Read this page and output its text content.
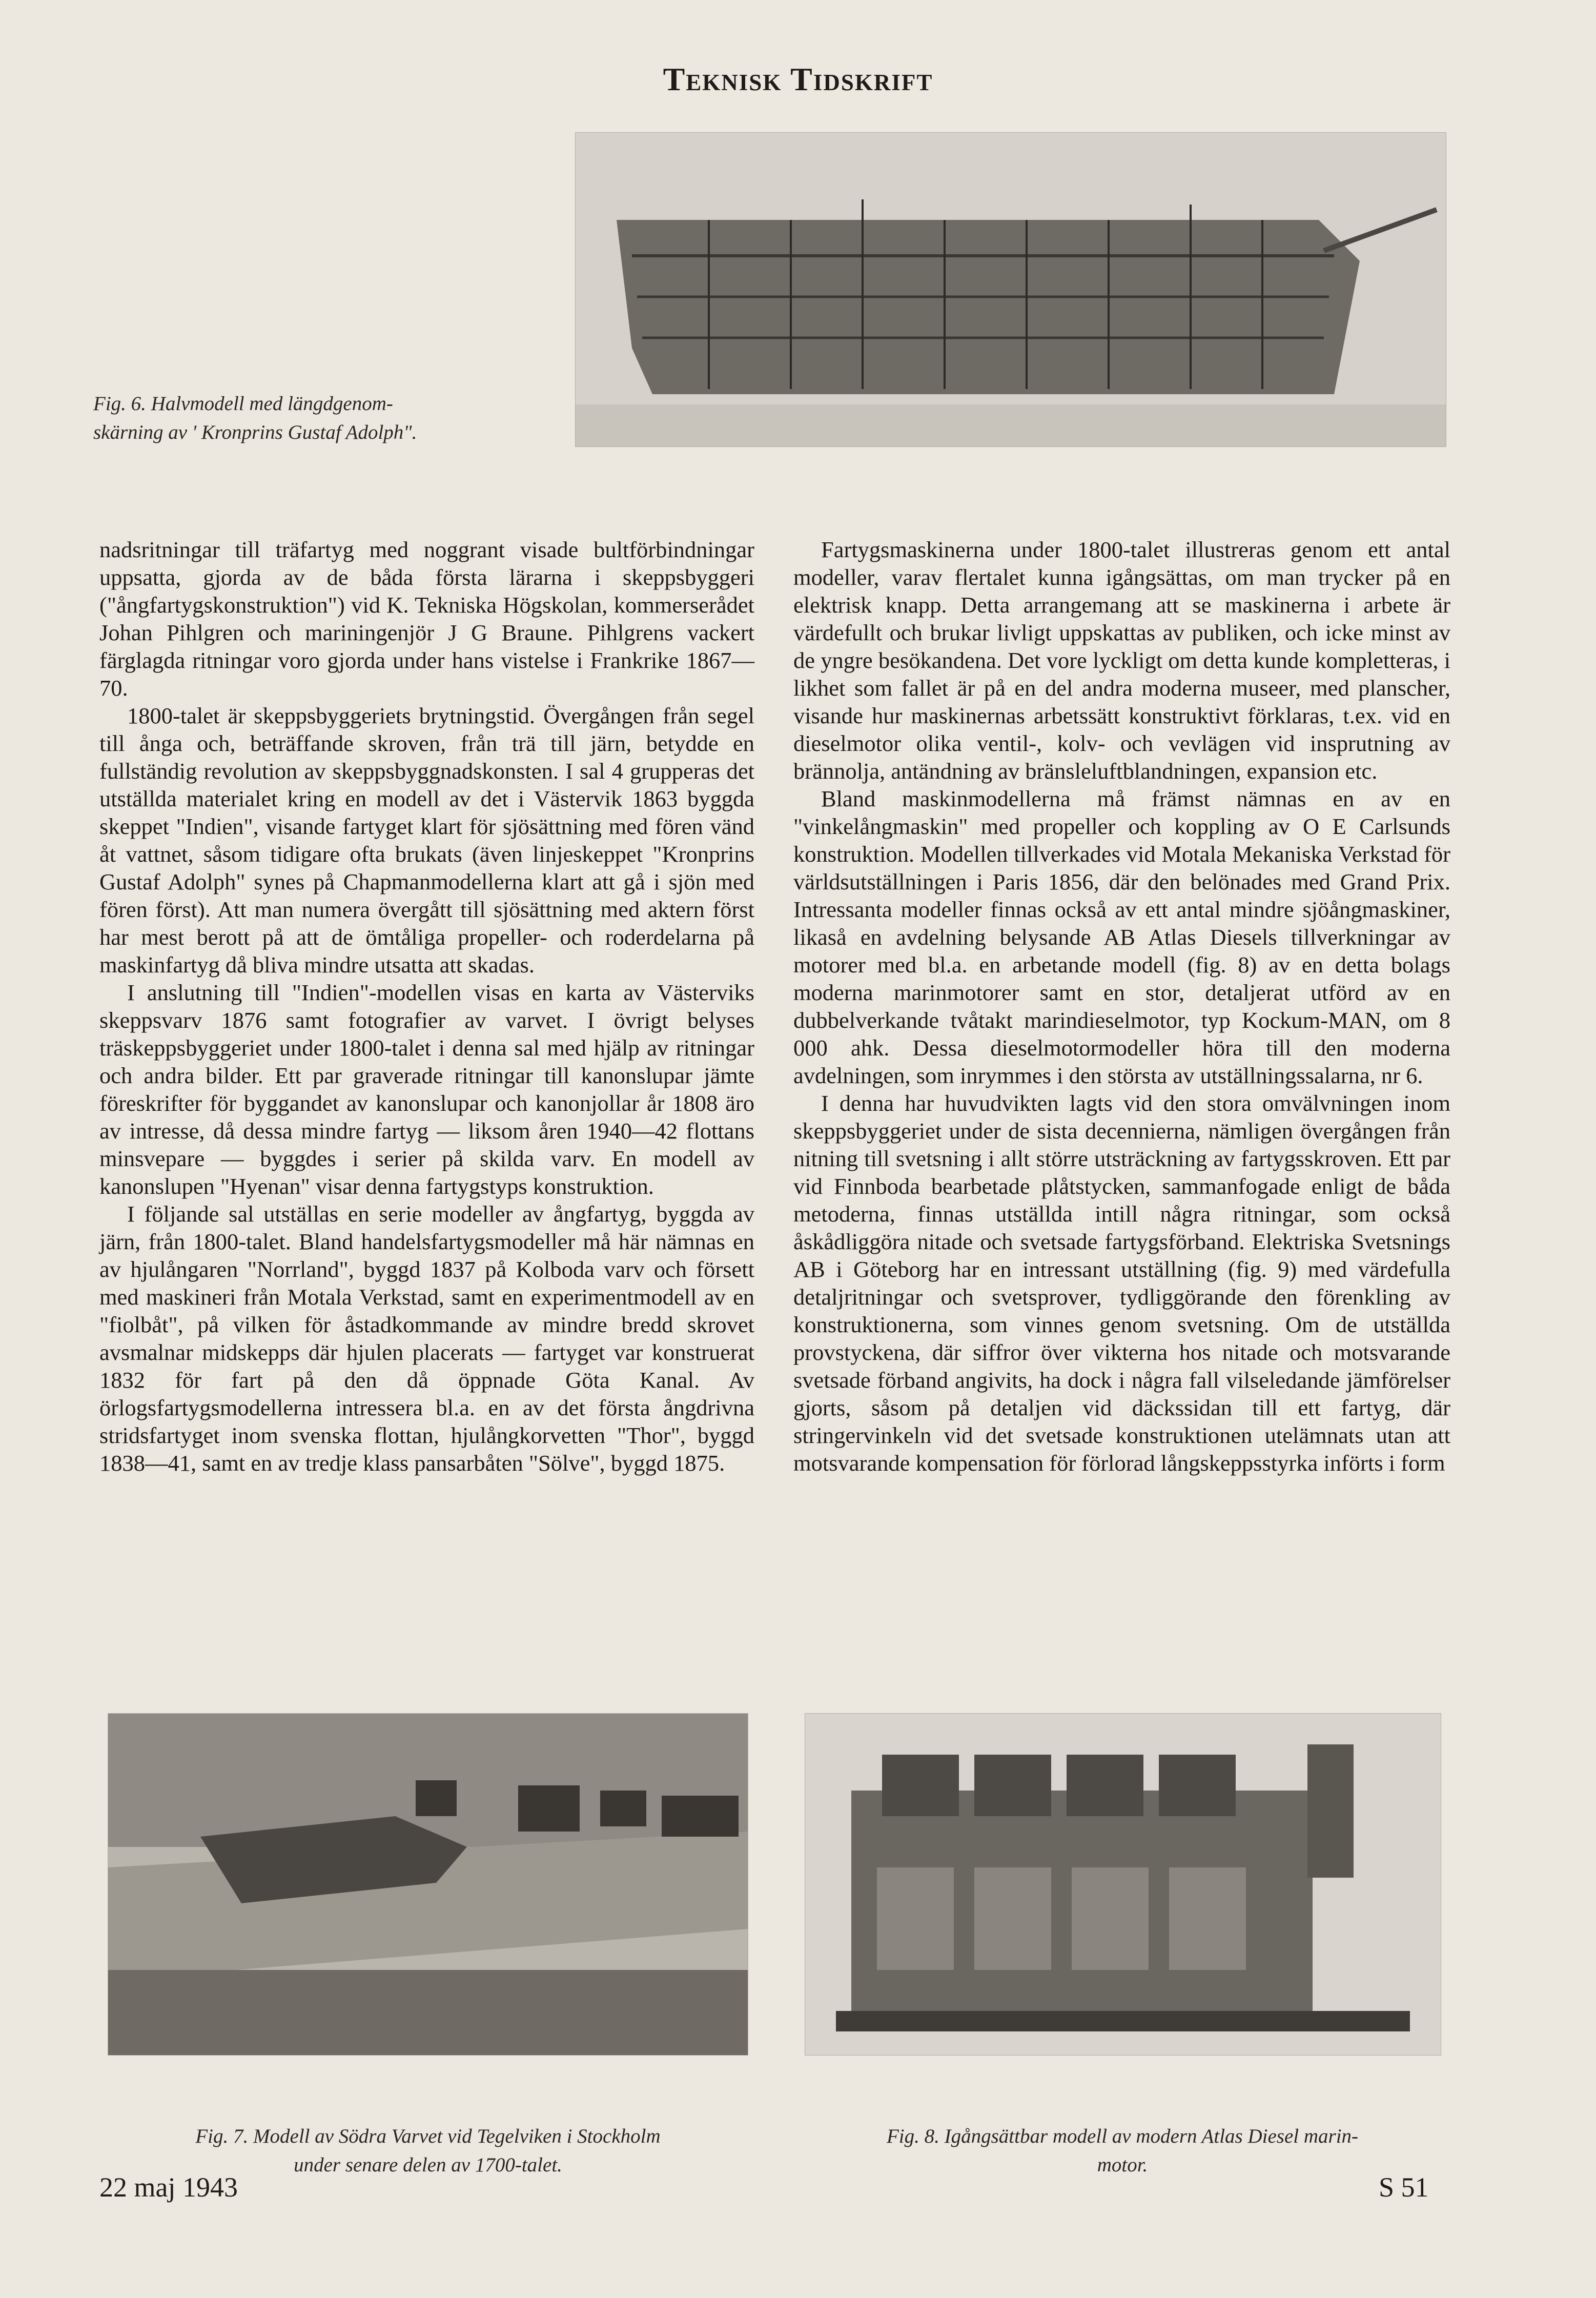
Teknisk Tidskrift
Fig. 6. Halvmodell med längdgenom-
skärning av ' Kronprins Gustaf Adolph".

nadsritningar till träfartyg med noggrant visade bultförbindningar uppsatta, gjorda av de båda första lärarna i skeppsbyggeri ("ångfartygskonstruktion") vid K. Tekniska Högskolan, kommerserådet Johan Pihlgren och mariningenjör J G Braune. Pihlgrens vackert färglagda ritningar voro gjorda under hans vistelse i Frankrike 1867—70.

1800-talet är skeppsbyggeriets brytningstid. Övergången från segel till ånga och, beträffande skroven, från trä till järn, betydde en fullständig revolution av skeppsbyggnadskonsten. I sal 4 grupperas det utställda materialet kring en modell av det i Västervik 1863 byggda skeppet "Indien", visande fartyget klart för sjösättning med fören vänd åt vattnet, såsom tidigare ofta brukats (även linjeskeppet "Kronprins Gustaf Adolph" synes på Chapmanmodellerna klart att gå i sjön med fören först). Att man numera övergått till sjösättning med aktern först har mest berott på att de ömtåliga propeller- och roderdelarna på maskinfartyg då bliva mindre utsatta att skadas.

I anslutning till "Indien"-modellen visas en karta av Västerviks skeppsvarv 1876 samt fotografier av varvet. I övrigt belyses träskeppsbyggeriet under 1800-talet i denna sal med hjälp av ritningar och andra bilder. Ett par graverade ritningar till kanonslupar jämte föreskrifter för byggandet av kanonslupar och kanonjollar år 1808 äro av intresse, då dessa mindre fartyg — liksom åren 1940—42 flottans minsvepare — byggdes i serier på skilda varv. En modell av kanonslupen "Hyenan" visar denna fartygstyps konstruktion.

I följande sal utställas en serie modeller av ångfartyg, byggda av järn, från 1800-talet. Bland handelsfartygsmodeller må här nämnas en av hjulångaren "Norrland", byggd 1837 på Kolboda varv och försett med maskineri från Motala Verkstad, samt en experimentmodell av en "fiolbåt", på vilken för åstadkommande av mindre bredd skrovet avsmalnar midskepps där hjulen placerats — fartyget var konstruerat 1832 för fart på den då öppnade Göta Kanal. Av örlogsfartygsmodellerna intressera bl.a. en av det första ångdrivna stridsfartyget inom svenska flottan, hjulångkorvetten "Thor", byggd 1838—41, samt en av tredje klass pansarbåten "Sölve", byggd 1875.

Fartygsmaskinerna under 1800-talet illustreras genom ett antal modeller, varav flertalet kunna igångsättas, om man trycker på en elektrisk knapp. Detta arrangemang att se maskinerna i arbete är värdefullt och brukar livligt uppskattas av publiken, och icke minst av de yngre besökandena. Det vore lyckligt om detta kunde kompletteras, i likhet som fallet är på en del andra moderna museer, med planscher, visande hur maskinernas arbetssätt konstruktivt förklaras, t.ex. vid en dieselmotor olika ventil-, kolv- och vevlägen vid insprutning av brännolja, antändning av bränsleluftblandningen, expansion etc.

Bland maskinmodellerna må främst nämnas en av en "vinkelångmaskin" med propeller och koppling av O E Carlsunds konstruktion. Modellen tillverkades vid Motala Mekaniska Verkstad för världsutställningen i Paris 1856, där den belönades med Grand Prix. Intressanta modeller finnas också av ett antal mindre sjöångmaskiner, likaså en avdelning belysande AB Atlas Diesels tillverkningar av motorer med bl.a. en arbetande modell (fig. 8) av en detta bolags moderna marinmotorer samt en stor, detaljerat utförd av en dubbelverkande tvåtakt marindieselmotor, typ Kockum-MAN, om 8 000 ahk. Dessa dieselmotormodeller höra till den moderna avdelningen, som inrymmes i den största av utställningssalarna, nr 6.

I denna har huvudvikten lagts vid den stora omvälvningen inom skeppsbyggeriet under de sista decennierna, nämligen övergången från nitning till svetsning i allt större utsträckning av fartygsskroven. Ett par vid Finnboda bearbetade plåtstycken, sammanfogade enligt de båda metoderna, finnas utställda intill några ritningar, som också åskådliggöra nitade och svetsade fartygsförband. Elektriska Svetsnings AB i Göteborg har en intressant utställning (fig. 9) med värdefulla detaljritningar och svetsprover, tydliggörande den förenkling av konstruktionerna, som vinnes genom svetsning. Om de utställda provstyckena, där siffror över vikterna hos nitade och motsvarande svetsade förband angivits, ha dock i några fall vilseledande jämförelser gjorts, såsom på detaljen vid däckssidan till ett fartyg, där stringervinkeln vid det svetsade konstruktionen utelämnats utan att motsvarande kompensation för förlorad långskeppsstyrka införts i form

Fig. 7. Modell av Södra Varvet vid Tegelviken i Stockholm
under senare delen av 1700-talet.
Fig. 8. Igångsättbar modell av modern Atlas Diesel marin-
motor.
22 maj 1943	S 51
